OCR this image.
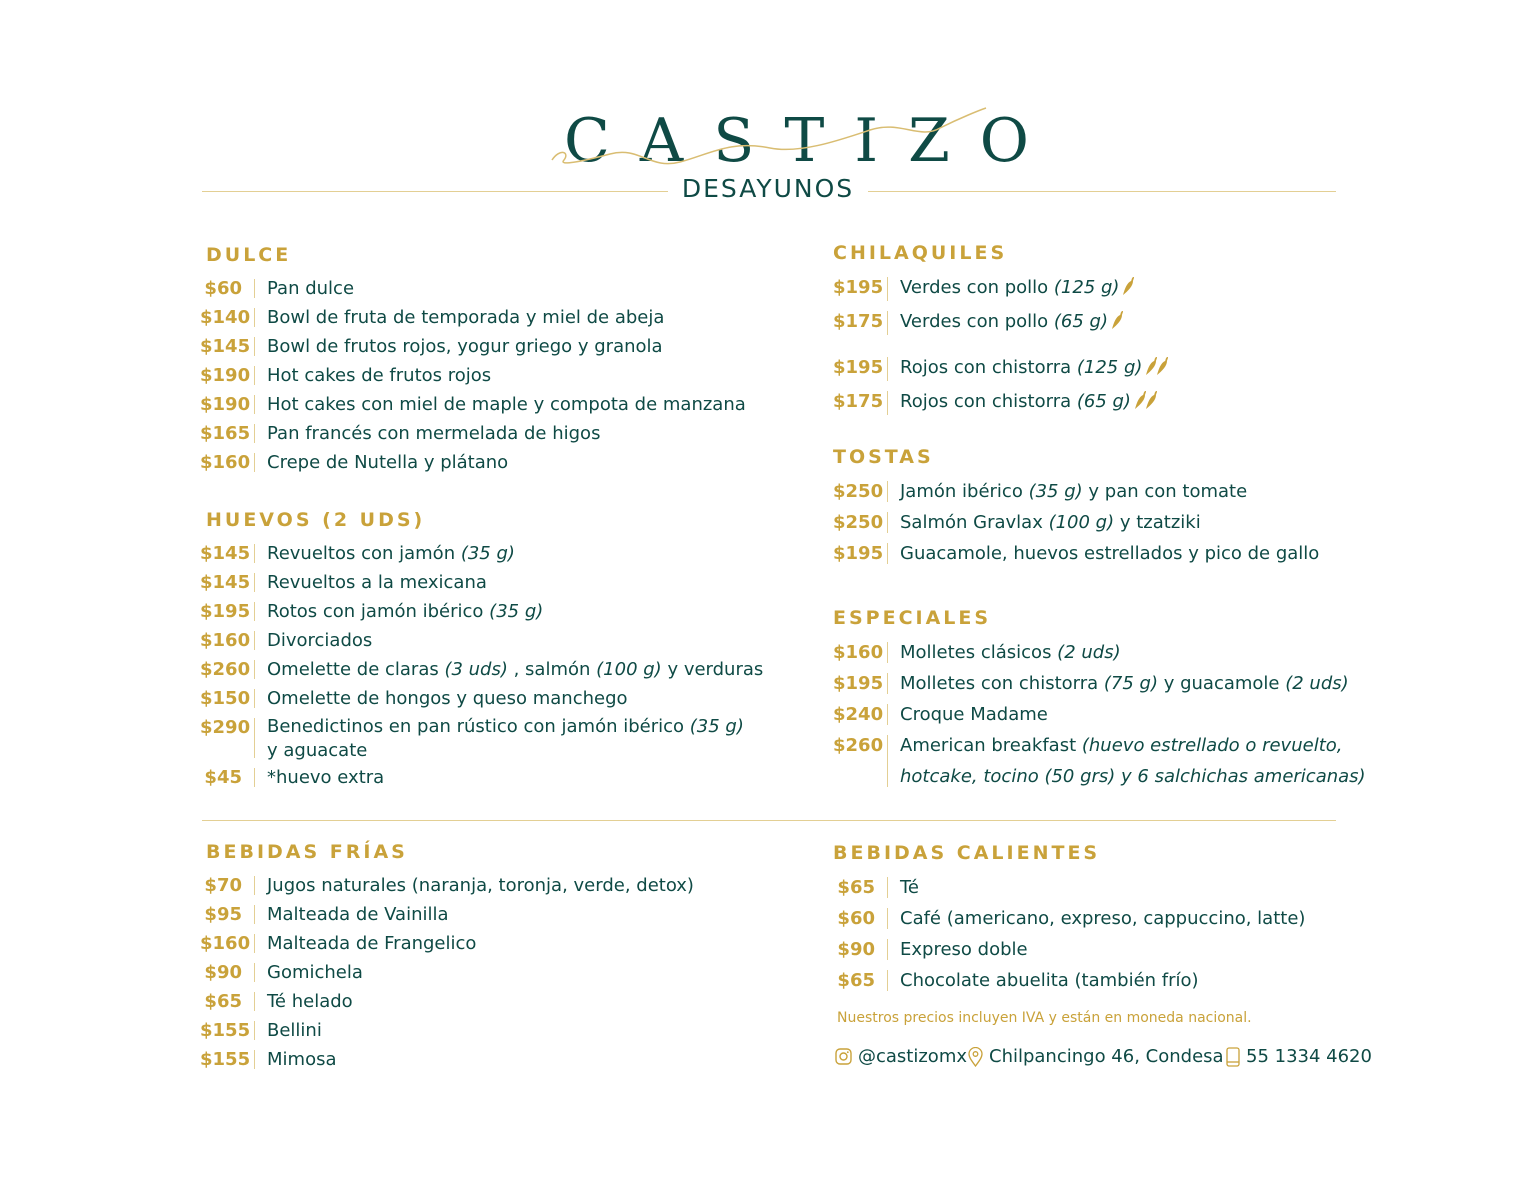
CASTIZO
DESAYUNOS
DULCE
$60 Pan dulce
$140 Bowl de fruta de temporada y miel de abeja
$145 Bowl de frutos rojos, yogur griego y granola
$190 Hot cakes de frutos rojos
$190 Hot cakes con miel de maple y compota de manzana
$165 Pan francés con mermelada de higos
$160 Crepe de Nutella y plátano
HUEVOS (2 UDS)
$145 Revueltos con jamón (35 g)
$145 Revueltos a la mexicana
$195 Rotos con jamón ibérico (35 g)
$160 Divorciados
$260 Omelette de claras (3 uds) , salmón (100 g) y verduras
$150 Omelette de hongos y queso manchego
$290 Benedictinos en pan rústico con jamón ibérico (35 g)
y aguacate
$45 *huevo extra
BEBIDAS FRÍAS
$70 Jugos naturales (naranja, toronja, verde, detox)
$95 Malteada de Vainilla
$160 Malteada de Frangelico
$90 Gomichela
$65 Té helado
$155 Bellini
$155 Mimosa
CHILAQUILES
$195 Verdes con pollo (125 g)
$175 Verdes con pollo (65 g)
$195 Rojos con chistorra (125 g)
$175 Rojos con chistorra (65 g)
TOSTAS
$250 Jamón ibérico (35 g) y pan con tomate
$250 Salmón Gravlax (100 g) y tzatziki
$195 Guacamole, huevos estrellados y pico de gallo
ESPECIALES
$160 Molletes clásicos (2 uds)
$195 Molletes con chistorra (75 g) y guacamole (2 uds)
$240 Croque Madame
$260 American breakfast (huevo estrellado o revuelto,
hotcake, tocino (50 grs) y 6 salchichas americanas)
BEBIDAS CALIENTES
$65 Té
$60 Café (americano, expreso, cappuccino, latte)
$90 Expreso doble
$65 Chocolate abuelita (también frío)
Nuestros precios incluyen IVA y están en moneda nacional.
@castizomx Chilpancingo 46, Condesa 55 1334 4620
